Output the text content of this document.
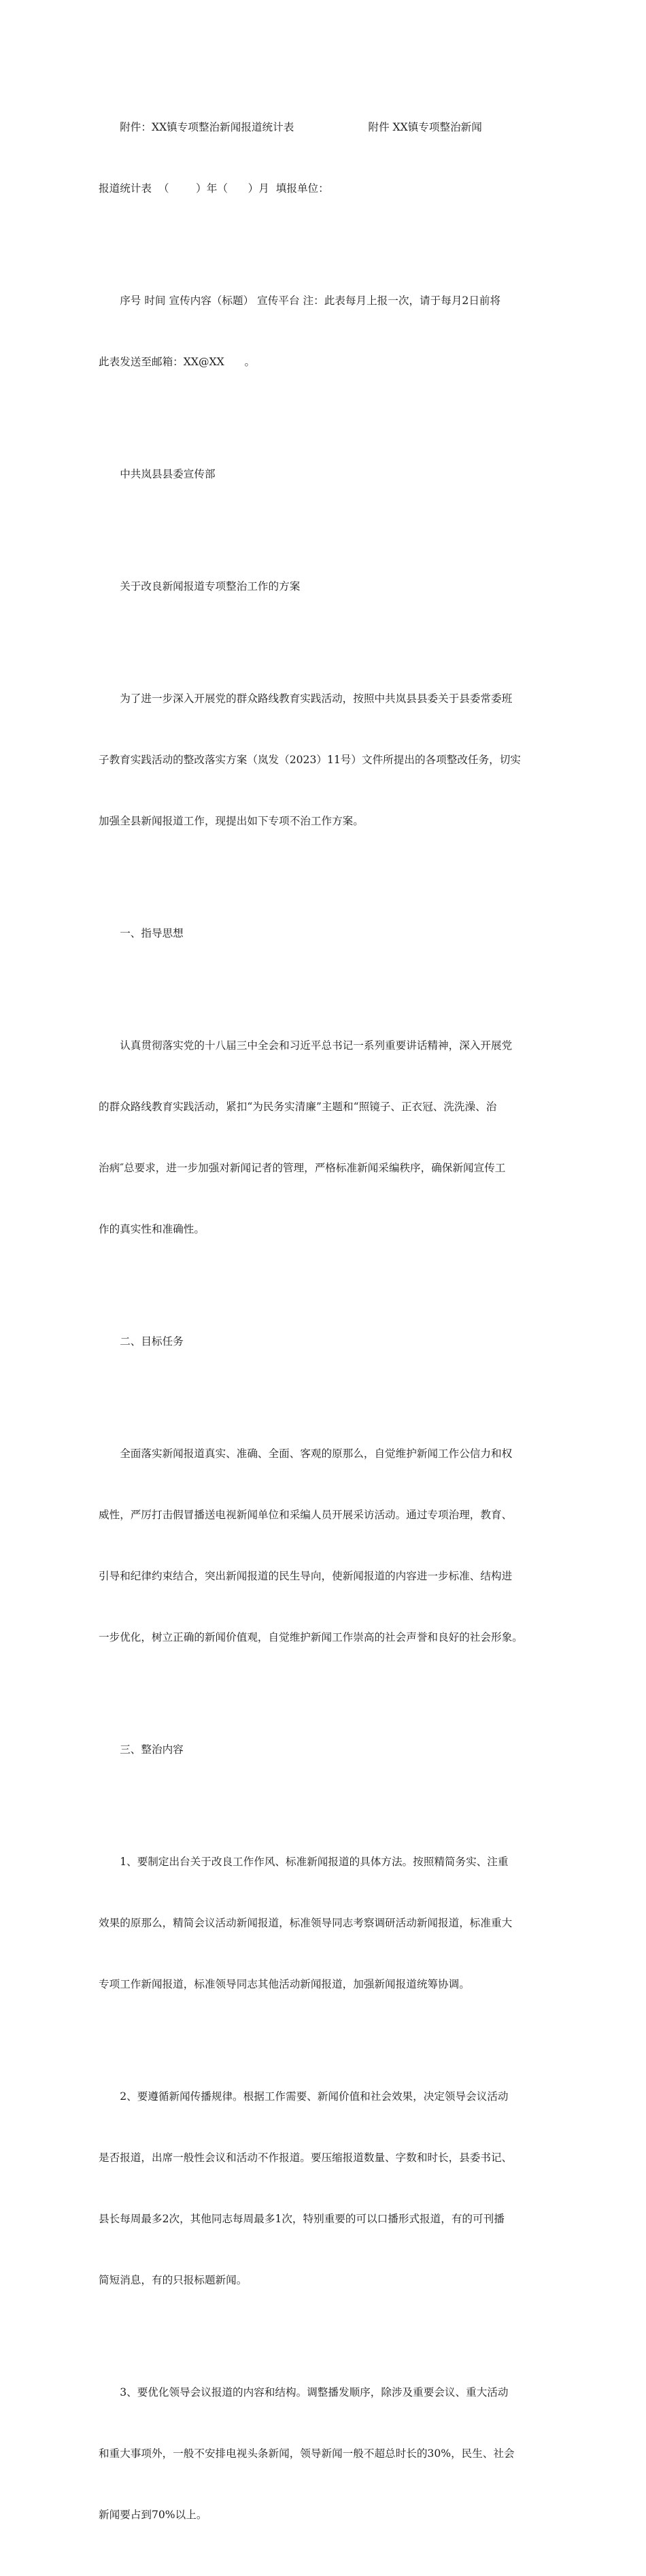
附件：XX镇专项整治新闻报道统计表                      附件 XX镇专项整治新闻

报道统计表  （        ）年（      ）月  填报单位：

序号 时间 宣传内容（标题） 宣传平台 注：此表每月上报一次，请于每月2日前将

此表发送至邮箱：XX@XX      。

中共岚县县委宣传部

关于改良新闻报道专项整治工作的方案

为了进一步深入开展党的群众路线教育实践活动，按照中共岚县县委关于县委常委班

子教育实践活动的整改落实方案（岚发（2023）11号）文件所提出的各项整改任务，切实

加强全县新闻报道工作，现提出如下专项不治工作方案。

一、指导思想

认真贯彻落实党的十八届三中全会和习近平总书记一系列重要讲话精神，深入开展党

的群众路线教育实践活动，紧扣“为民务实清廉”主题和“照镜子、正衣冠、洗洗澡、治

治病″总要求，进一步加强对新闻记者的管理，严格标准新闻采编秩序，确保新闻宣传工

作的真实性和准确性。

二、目标任务

全面落实新闻报道真实、准确、全面、客观的原那么，自觉维护新闻工作公信力和权

威性，严厉打击假冒播送电视新闻单位和采编人员开展采访活动。通过专项治理，教育、

引导和纪律约束结合，突出新闻报道的民生导向，使新闻报道的内容进一步标准、结构进

一步优化，树立正确的新闻价值观，自觉维护新闻工作崇高的社会声誉和良好的社会形象。

三、整治内容

1、要制定出台关于改良工作作风、标准新闻报道的具体方法。按照精简务实、注重

效果的原那么，精简会议活动新闻报道，标准领导同志考察调研活动新闻报道，标准重大

专项工作新闻报道，标准领导同志其他活动新闻报道，加强新闻报道统筹协调。

2、要遵循新闻传播规律。根据工作需要、新闻价值和社会效果，决定领导会议活动

是否报道，出席一般性会议和活动不作报道。要压缩报道数量、字数和时长，县委书记、

县长每周最多2次，其他同志每周最多1次，特别重要的可以口播形式报道，有的可刊播

简短消息，有的只报标题新闻。

3、要优化领导会议报道的内容和结构。调整播发顺序，除涉及重要会议、重大活动

和重大事项外，一般不安排电视头条新闻，领导新闻一般不超总时长的30%，民生、社会

新闻要占到70%以上。
